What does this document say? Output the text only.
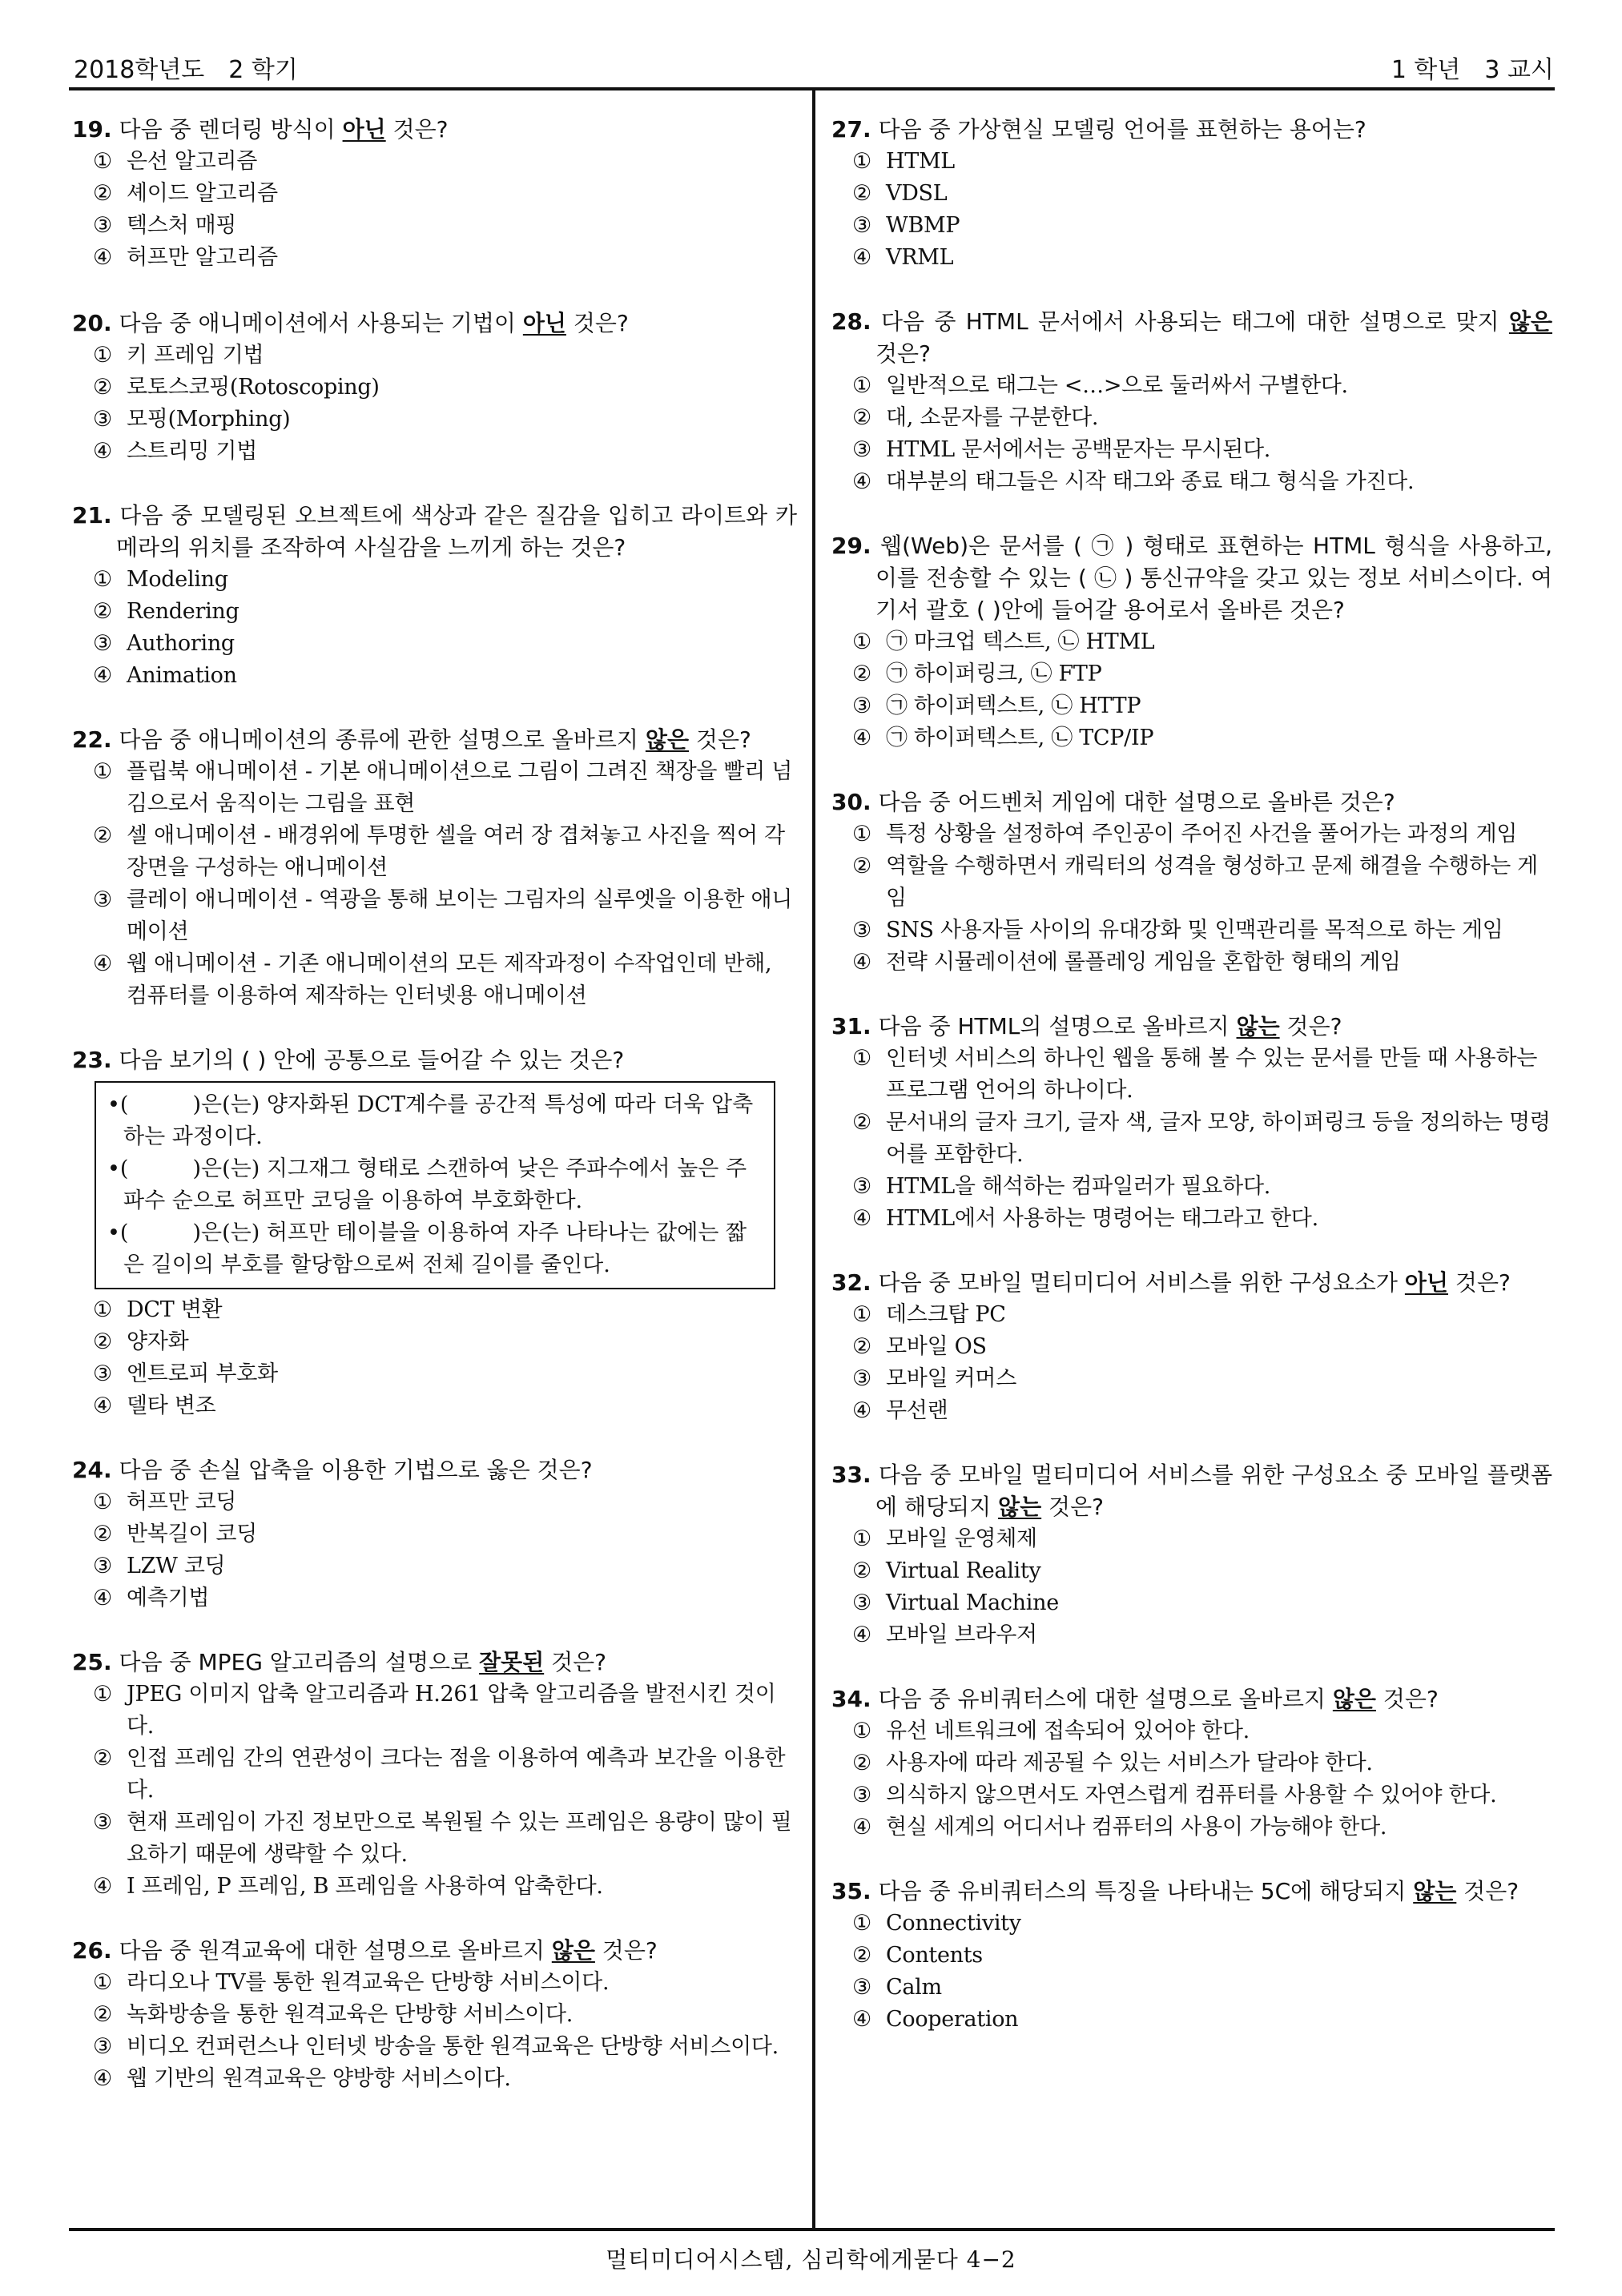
2018학년도 2 학기	1 학년 3 교시
19. 다음 중 렌더링 방식이 아닌 것은?
① 은선 알고리즘
② 셰이드 알고리즘
③ 텍스처 매핑
④ 허프만 알고리즘
20. 다음 중 애니메이션에서 사용되는 기법이 아닌 것은?
① 키 프레임 기법
② 로토스코핑(Rotoscoping)
③ 모핑(Morphing)
④ 스트리밍 기법
21. 다음 중 모델링된 오브젝트에 색상과 같은 질감을 입히고 라이트와 카메라의 위치를 조작하여 사실감을 느끼게 하는 것은?
① Modeling
② Rendering
③ Authoring
④ Animation
22. 다음 중 애니메이션의 종류에 관한 설명으로 올바르지 않은 것은?
① 플립북 애니메이션 - 기본 애니메이션으로 그림이 그려진 책장을 빨리 넘김으로서 움직이는 그림을 표현
② 셀 애니메이션 - 배경위에 투명한 셀을 여러 장 겹쳐놓고 사진을 찍어 각 장면을 구성하는 애니메이션
③ 클레이 애니메이션 - 역광을 통해 보이는 그림자의 실루엣을 이용한 애니메이션
④ 웹 애니메이션 - 기존 애니메이션의 모든 제작과정이 수작업인데 반해, 컴퓨터를 이용하여 제작하는 인터넷용 애니메이션
23. 다음 보기의 ( ) 안에 공통으로 들어갈 수 있는 것은?
•(	)은(는) 양자화된 DCT계수를 공간적 특성에 따라 더욱 압축하는 과정이다.
•(	)은(는) 지그재그 형태로 스캔하여 낮은 주파수에서 높은 주파수 순으로 허프만 코딩을 이용하여 부호화한다.
•(	)은(는) 허프만 테이블을 이용하여 자주 나타나는 값에는 짧은 길이의 부호를 할당함으로써 전체 길이를 줄인다.
① DCT 변환
② 양자화
③ 엔트로피 부호화
④ 델타 변조
24. 다음 중 손실 압축을 이용한 기법으로 옳은 것은?
① 허프만 코딩
② 반복길이 코딩
③ LZW 코딩
④ 예측기법
25. 다음 중 MPEG 알고리즘의 설명으로 잘못된 것은?
① JPEG 이미지 압축 알고리즘과 H.261 압축 알고리즘을 발전시킨 것이다.
② 인접 프레임 간의 연관성이 크다는 점을 이용하여 예측과 보간을 이용한다.
③ 현재 프레임이 가진 정보만으로 복원될 수 있는 프레임은 용량이 많이 필요하기 때문에 생략할 수 있다.
④ I 프레임, P 프레임, B 프레임을 사용하여 압축한다.
26. 다음 중 원격교육에 대한 설명으로 올바르지 않은 것은?
① 라디오나 TV를 통한 원격교육은 단방향 서비스이다.
② 녹화방송을 통한 원격교육은 단방향 서비스이다.
③ 비디오 컨퍼런스나 인터넷 방송을 통한 원격교육은 단방향 서비스이다.
④ 웹 기반의 원격교육은 양방향 서비스이다.
27. 다음 중 가상현실 모델링 언어를 표현하는 용어는?
① HTML
② VDSL
③ WBMP
④ VRML
28. 다음 중 HTML 문서에서 사용되는 태그에 대한 설명으로 맞지 않은 것은?
① 일반적으로 태그는 <…>으로 둘러싸서 구별한다.
② 대, 소문자를 구분한다.
③ HTML 문서에서는 공백문자는 무시된다.
④ 대부분의 태그들은 시작 태그와 종료 태그 형식을 가진다.
29. 웹(Web)은 문서를 ( ㉠ ) 형태로 표현하는 HTML 형식을 사용하고, 이를 전송할 수 있는 ( ㉡ ) 통신규약을 갖고 있는 정보 서비스이다. 여기서 괄호 ( )안에 들어갈 용어로서 올바른 것은?
① ㉠ 마크업 텍스트, ㉡ HTML
② ㉠ 하이퍼링크, ㉡ FTP
③ ㉠ 하이퍼텍스트, ㉡ HTTP
④ ㉠ 하이퍼텍스트, ㉡ TCP/IP
30. 다음 중 어드벤처 게임에 대한 설명으로 올바른 것은?
① 특정 상황을 설정하여 주인공이 주어진 사건을 풀어가는 과정의 게임
② 역할을 수행하면서 캐릭터의 성격을 형성하고 문제 해결을 수행하는 게임
③ SNS 사용자들 사이의 유대강화 및 인맥관리를 목적으로 하는 게임
④ 전략 시뮬레이션에 롤플레잉 게임을 혼합한 형태의 게임
31. 다음 중 HTML의 설명으로 올바르지 않는 것은?
① 인터넷 서비스의 하나인 웹을 통해 볼 수 있는 문서를 만들 때 사용하는 프로그램 언어의 하나이다.
② 문서내의 글자 크기, 글자 색, 글자 모양, 하이퍼링크 등을 정의하는 명령어를 포함한다.
③ HTML을 해석하는 컴파일러가 필요하다.
④ HTML에서 사용하는 명령어는 태그라고 한다.
32. 다음 중 모바일 멀티미디어 서비스를 위한 구성요소가 아닌 것은?
① 데스크탑 PC
② 모바일 OS
③ 모바일 커머스
④ 무선랜
33. 다음 중 모바일 멀티미디어 서비스를 위한 구성요소 중 모바일 플랫폼에 해당되지 않는 것은?
① 모바일 운영체제
② Virtual Reality
③ Virtual Machine
④ 모바일 브라우저
34. 다음 중 유비쿼터스에 대한 설명으로 올바르지 않은 것은?
① 유선 네트워크에 접속되어 있어야 한다.
② 사용자에 따라 제공될 수 있는 서비스가 달라야 한다.
③ 의식하지 않으면서도 자연스럽게 컴퓨터를 사용할 수 있어야 한다.
④ 현실 세계의 어디서나 컴퓨터의 사용이 가능해야 한다.
35. 다음 중 유비쿼터스의 특징을 나타내는 5C에 해당되지 않는 것은?
① Connectivity
② Contents
③ Calm
④ Cooperation
멀티미디어시스템, 심리학에게묻다 4−2
